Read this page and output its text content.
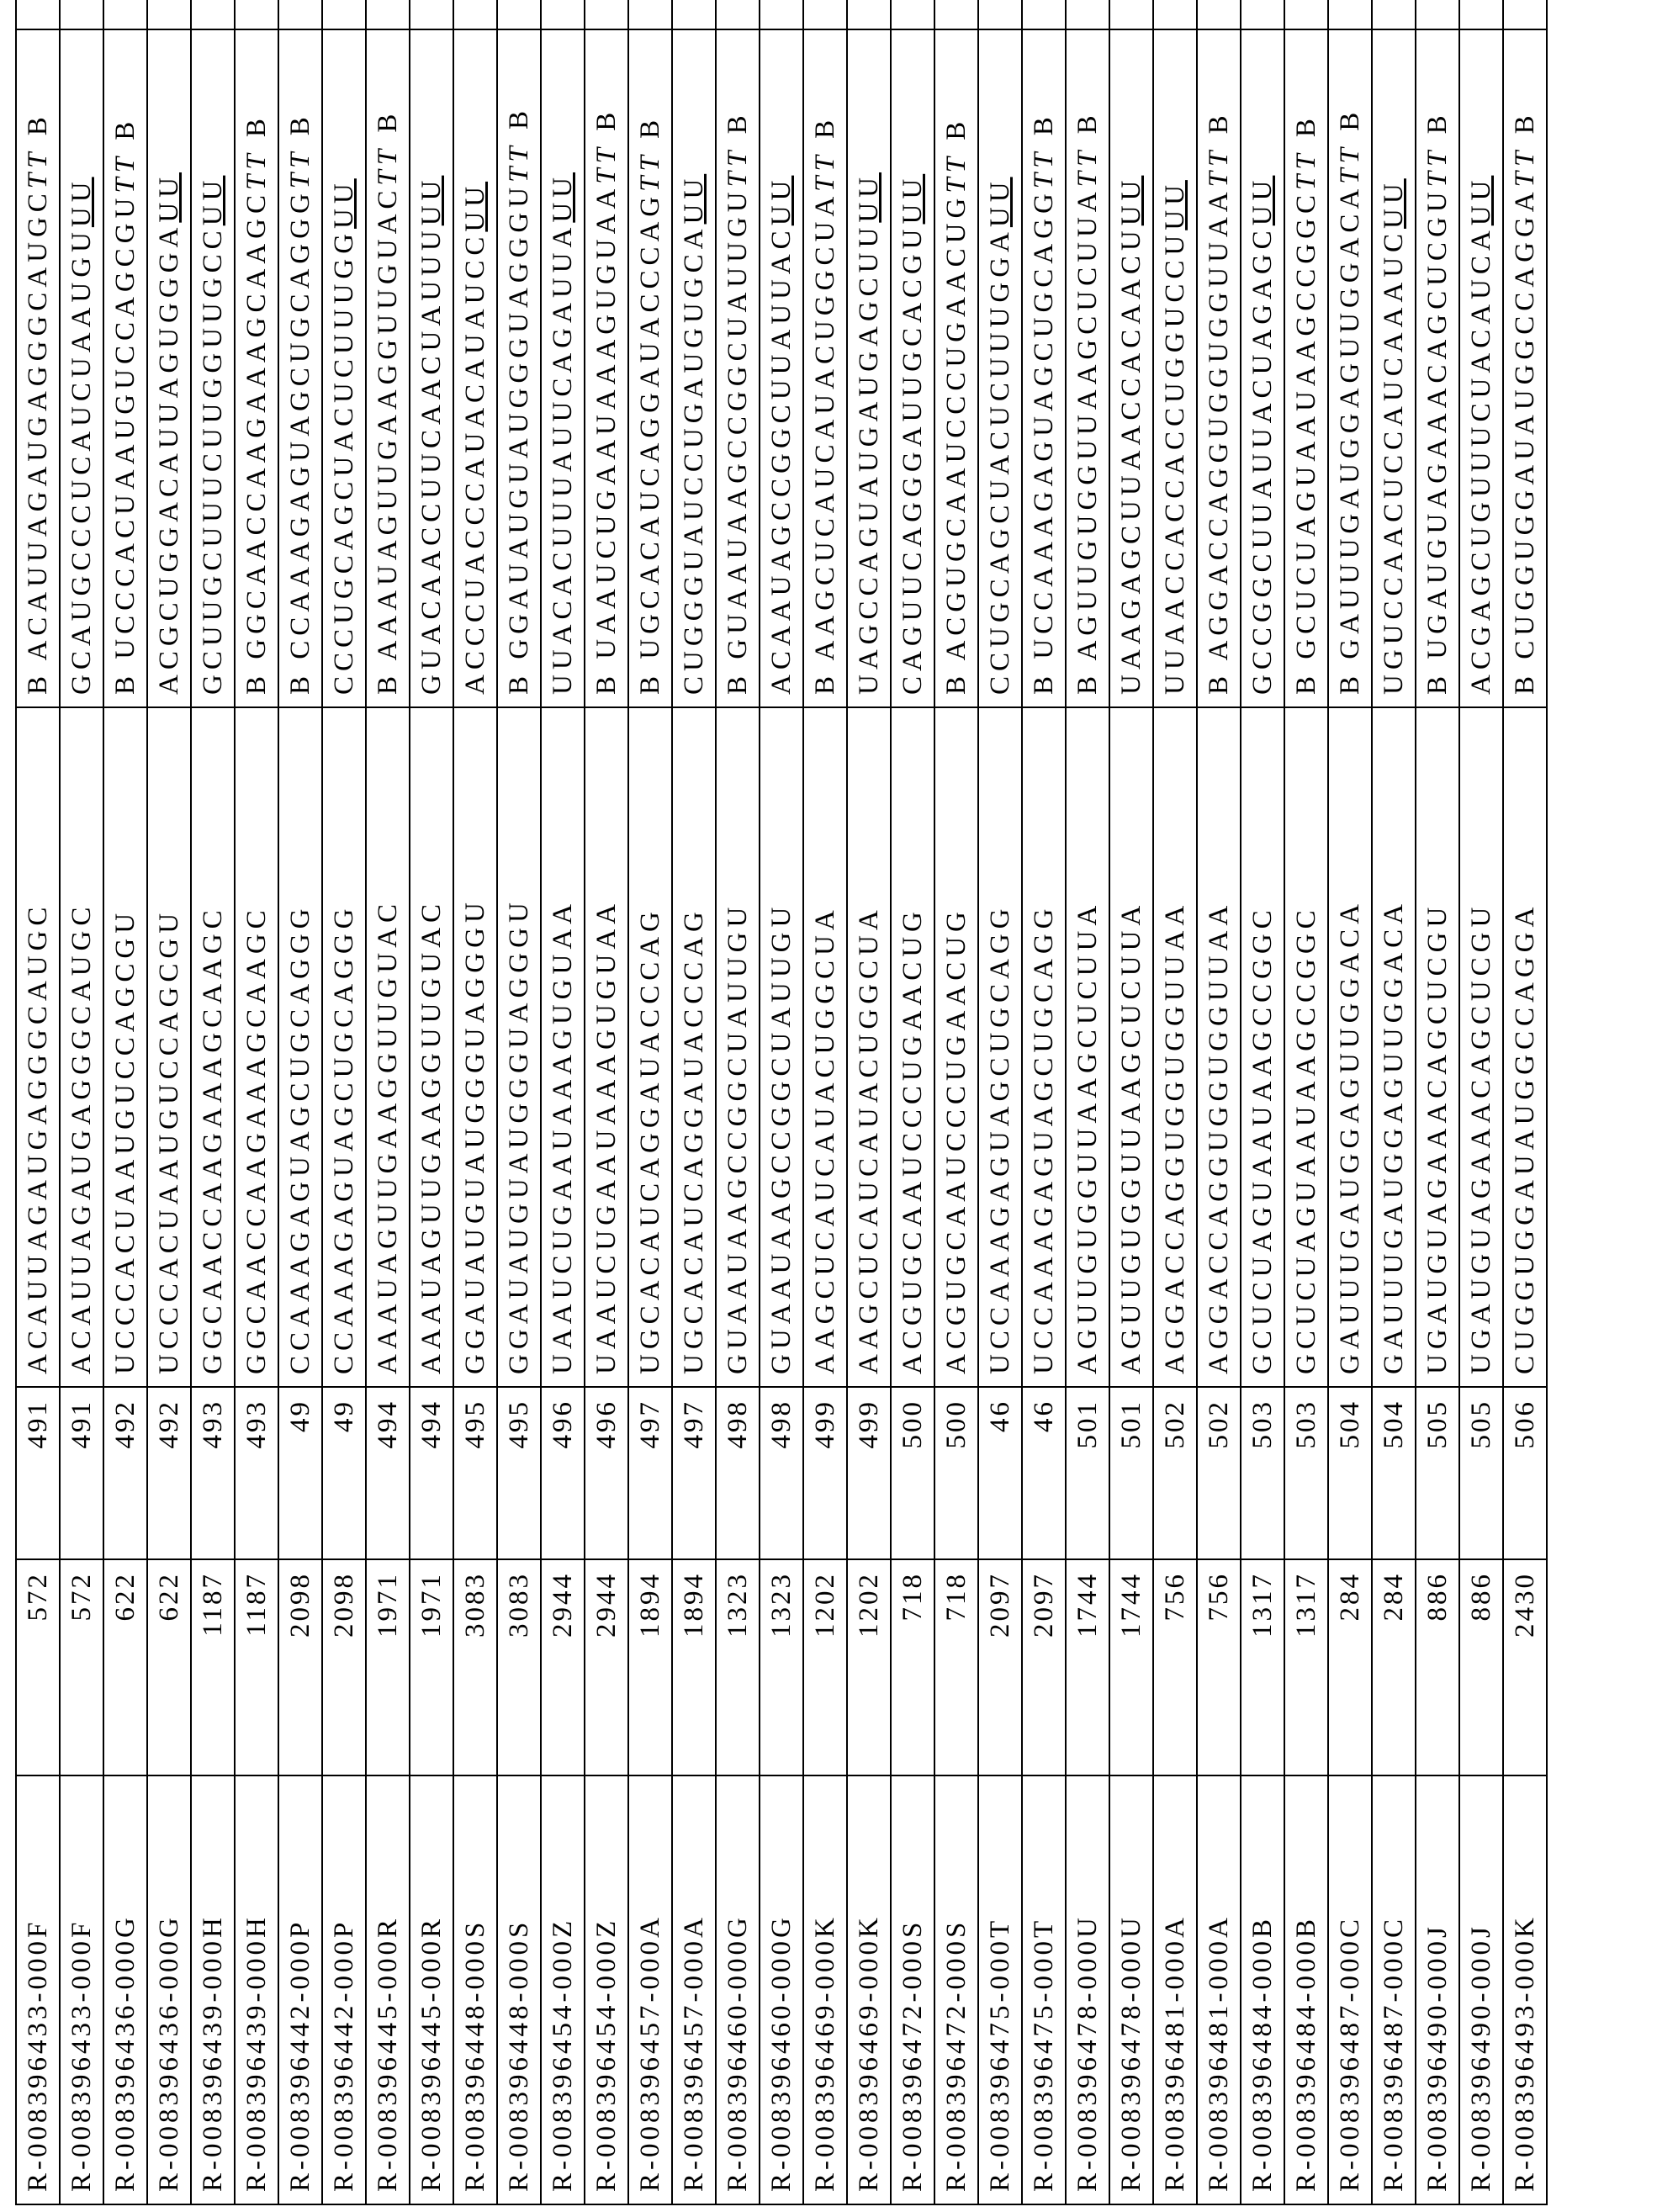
R-008396433-000F	572	491	ACAUUAGAUGAGGGCAUGC	B ACAUUAGAUGAGGGCAUGCTT B	
R-008396433-000F	572	491	ACAUUAGAUGAGGGCAUGC	GCAUGCCCUCAUCUAAUGUUU	
R-008396436-000G	622	492	UCCCACUAAUGUCCAGCGU	B UCCCACUAAUGUCCAGCGUTT B	
R-008396436-000G	622	492	UCCCACUAAUGUCCAGCGU	ACGCUGGACAUUAGUGGGAUU	
R-008396439-000H	1187	493	GGCAACCAAGAAAGCAAGC	GCUUGCUUUCUUGGUUGCCUU	
R-008396439-000H	1187	493	GGCAACCAAGAAAGCAAGC	B GGCAACCAAGAAAGCAAGCTT B	
R-008396442-000P	2098	49	CCAAAGAGUAGCUGCAGGG	B CCAAAGAGUAGCUGCAGGGTT B	
R-008396442-000P	2098	49	CCAAAGAGUAGCUGCAGGG	CCCUGCAGCUACUCUUUGGUU	
R-008396445-000R	1971	494	AAAUAGUUGAAGGUUGUAC	B AAAUAGUUGAAGGUUGUACTT B	
R-008396445-000R	1971	494	AAAUAGUUGAAGGUUGUAC	GUACAACCUUCAACUAUUUUU	
R-008396448-000S	3083	495	GGAUAUGUAUGGGUAGGGU	ACCCUACCCAUACAUAUCCUU	
R-008396448-000S	3083	495	GGAUAUGUAUGGGUAGGGU	B GGAUAUGUAUGGGUAGGGUTT B	
R-008396454-000Z	2944	496	UAAUCUGAAUAAAGUGUAA	UUACACUUUAUUCAGAUUAUU	
R-008396454-000Z	2944	496	UAAUCUGAAUAAAGUGUAA	B UAAUCUGAAUAAAGUGUAATT B	
R-008396457-000A	1894	497	UGCACAUCAGGAUACCCAG	B UGCACAUCAGGAUACCCAGTT B	
R-008396457-000A	1894	497	UGCACAUCAGGAUACCCAG	CUGGGUAUCCUGAUGUGCAUU	
R-008396460-000G	1323	498	GUAAUAAGCCGGCUAUUGU	B GUAAUAAGCCGGCUAUUGUTT B	
R-008396460-000G	1323	498	GUAAUAAGCCGGCUAUUGU	ACAAUAGCCGGCUUAUUACUU	
R-008396469-000K	1202	499	AAGCUCAUCAUACUGGCUA	B AAGCUCAUCAUACUGGCUATT B	
R-008396469-000K	1202	499	AAGCUCAUCAUACUGGCUA	UAGCCAGUAUGAUGAGCUUUU	
R-008396472-000S	718	500	ACGUGCAAUCCCUGAACUG	CAGUUCAGGGAUUGCACGUUU	
R-008396472-000S	718	500	ACGUGCAAUCCCUGAACUG	B ACGUGCAAUCCCUGAACUGTT B	
R-008396475-000T	2097	46	UCCAAAGAGUAGCUGCAGG	CCUGCAGCUACUCUUUGGAUU	
R-008396475-000T	2097	46	UCCAAAGAGUAGCUGCAGG	B UCCAAAGAGUAGCUGCAGGTT B	
R-008396478-000U	1744	501	AGUUGUGGUUAAGCUCUUA	B AGUUGUGGUUAAGCUCUUATT B	
R-008396478-000U	1744	501	AGUUGUGGUUAAGCUCUUA	UAAGAGCUUAACCACAACUUU	
R-008396481-000A	756	502	AGGACCAGGUGGUGGUUAA	UUAACCACCACCUGGUCCUUU	
R-008396481-000A	756	502	AGGACCAGGUGGUGGUUAA	B AGGACCAGGUGGUGGUUAATT B	
R-008396484-000B	1317	503	GCUCUAGUAAUAAGCCGGC	GCCGGCUUAUUACUAGAGCUU	
R-008396484-000B	1317	503	GCUCUAGUAAUAAGCCGGC	B GCUCUAGUAAUAAGCCGGCTT B	
R-008396487-000C	284	504	GAUUUGAUGGAGUUGGACA	B GAUUUGAUGGAGUUGGACATT B	
R-008396487-000C	284	504	GAUUUGAUGGAGUUGGACA	UGUCCAACUCCAUCAAAUCUU	
R-008396490-000J	886	505	UGAUGUAGAAACAGCUCGU	B UGAUGUAGAAACAGCUCGUTT B	
R-008396490-000J	886	505	UGAUGUAGAAACAGCUCGU	ACGAGCUGUUUCUACAUCAUU	
R-008396493-000K	2430	506	CUGGUGGAUAUGGCCAGGA	B CUGGUGGAUAUGGCCAGGATT B	
